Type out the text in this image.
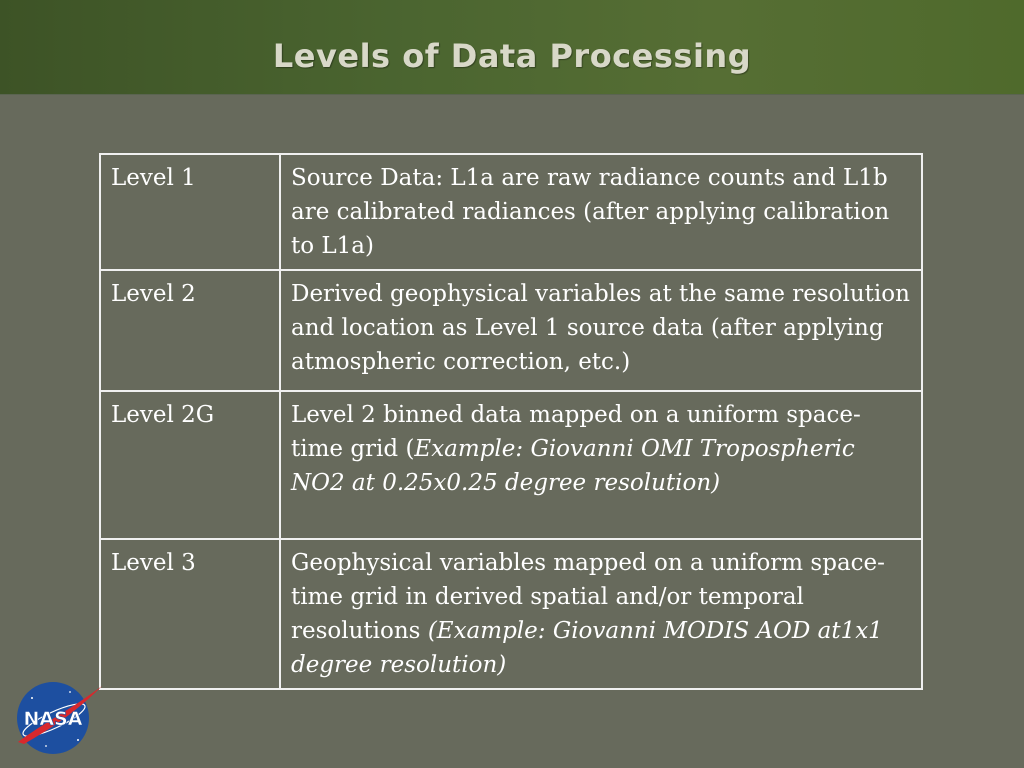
Levels of Data Processing
Level 1	Source Data: L1a are raw radiance counts and L1b are calibrated radiances (after applying calibration to L1a)
Level 2	Derived geophysical variables at the same resolution and location as Level 1 source data (after applying atmospheric correction, etc.)
Level 2G	Level 2 binned data mapped on a uniform space-time grid (Example: Giovanni OMI Tropospheric NO2 at 0.25x0.25 degree resolution)
Level 3	Geophysical variables mapped on a uniform space-time grid in derived spatial and/or temporal resolutions (Example: Giovanni MODIS AOD at1x1 degree resolution)
NASA
